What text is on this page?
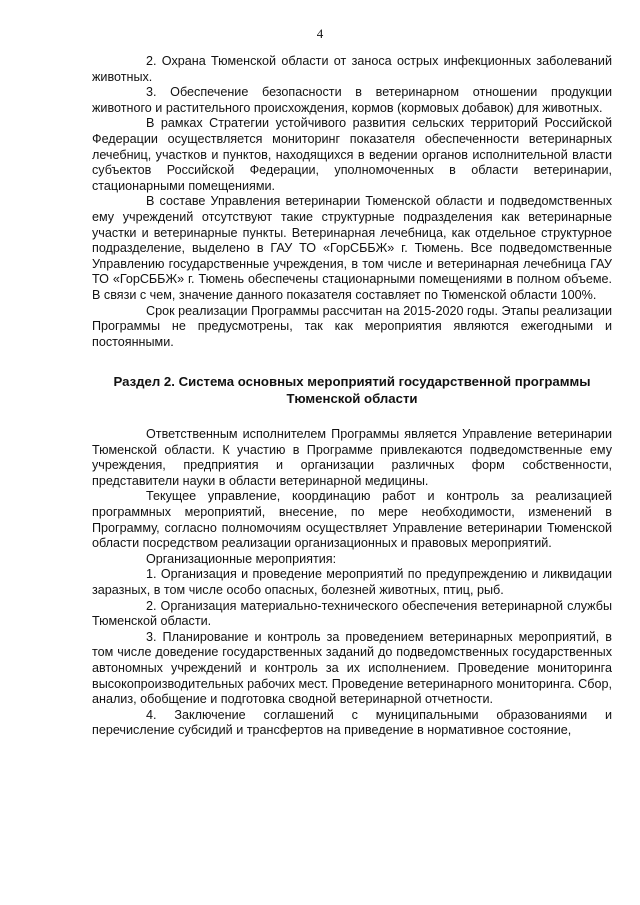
4

2. Охрана Тюменской области от заноса острых инфекционных заболеваний животных.

3. Обеспечение безопасности в ветеринарном отношении продукции животного и растительного происхождения, кормов (кормовых добавок) для животных.

В рамках Стратегии устойчивого развития сельских территорий Российской Федерации осуществляется мониторинг показателя обеспеченности ветеринарных лечебниц, участков и пунктов, находящихся в ведении органов исполнительной власти субъектов Российской Федерации, уполномоченных в области ветеринарии, стационарными помещениями.

В составе Управления ветеринарии Тюменской области и подведомственных ему учреждений отсутствуют такие структурные подразделения как ветеринарные участки и ветеринарные пункты. Ветеринарная лечебница, как отдельное структурное подразделение, выделено в ГАУ ТО «ГорСББЖ» г. Тюмень. Все подведомственные Управлению государственные учреждения, в том числе и ветеринарная лечебница ГАУ ТО «ГорСББЖ» г. Тюмень обеспечены стационарными помещениями в полном объеме. В связи с чем, значение данного показателя составляет по Тюменской области 100%.

Срок реализации Программы рассчитан на 2015-2020 годы. Этапы реализации Программы не предусмотрены, так как мероприятия являются ежегодными и постоянными.

Раздел 2. Система основных мероприятий государственной программы
Тюменской области

Ответственным исполнителем Программы является Управление ветеринарии Тюменской области. К участию в Программе привлекаются подведомственные ему учреждения, предприятия и организации различных форм собственности, представители науки в области ветеринарной медицины.

Текущее управление, координацию работ и контроль за реализацией программных мероприятий, внесение, по мере необходимости, изменений в Программу, согласно полномочиям осуществляет Управление ветеринарии Тюменской области посредством реализации организационных и правовых мероприятий.

Организационные мероприятия:

1. Организация и проведение мероприятий по предупреждению и ликвидации заразных, в том числе особо опасных, болезней животных, птиц, рыб.

2. Организация материально-технического обеспечения ветеринарной службы Тюменской области.

3. Планирование и контроль за проведением ветеринарных мероприятий, в том числе доведение государственных заданий до подведомственных государственных автономных учреждений и контроль за их исполнением. Проведение мониторинга высокопроизводительных рабочих мест. Проведение ветеринарного мониторинга. Сбор, анализ, обобщение и подготовка сводной ветеринарной отчетности.

4. Заключение соглашений с муниципальными образованиями и перечисление субсидий и трансфертов на приведение в нормативное состояние,
